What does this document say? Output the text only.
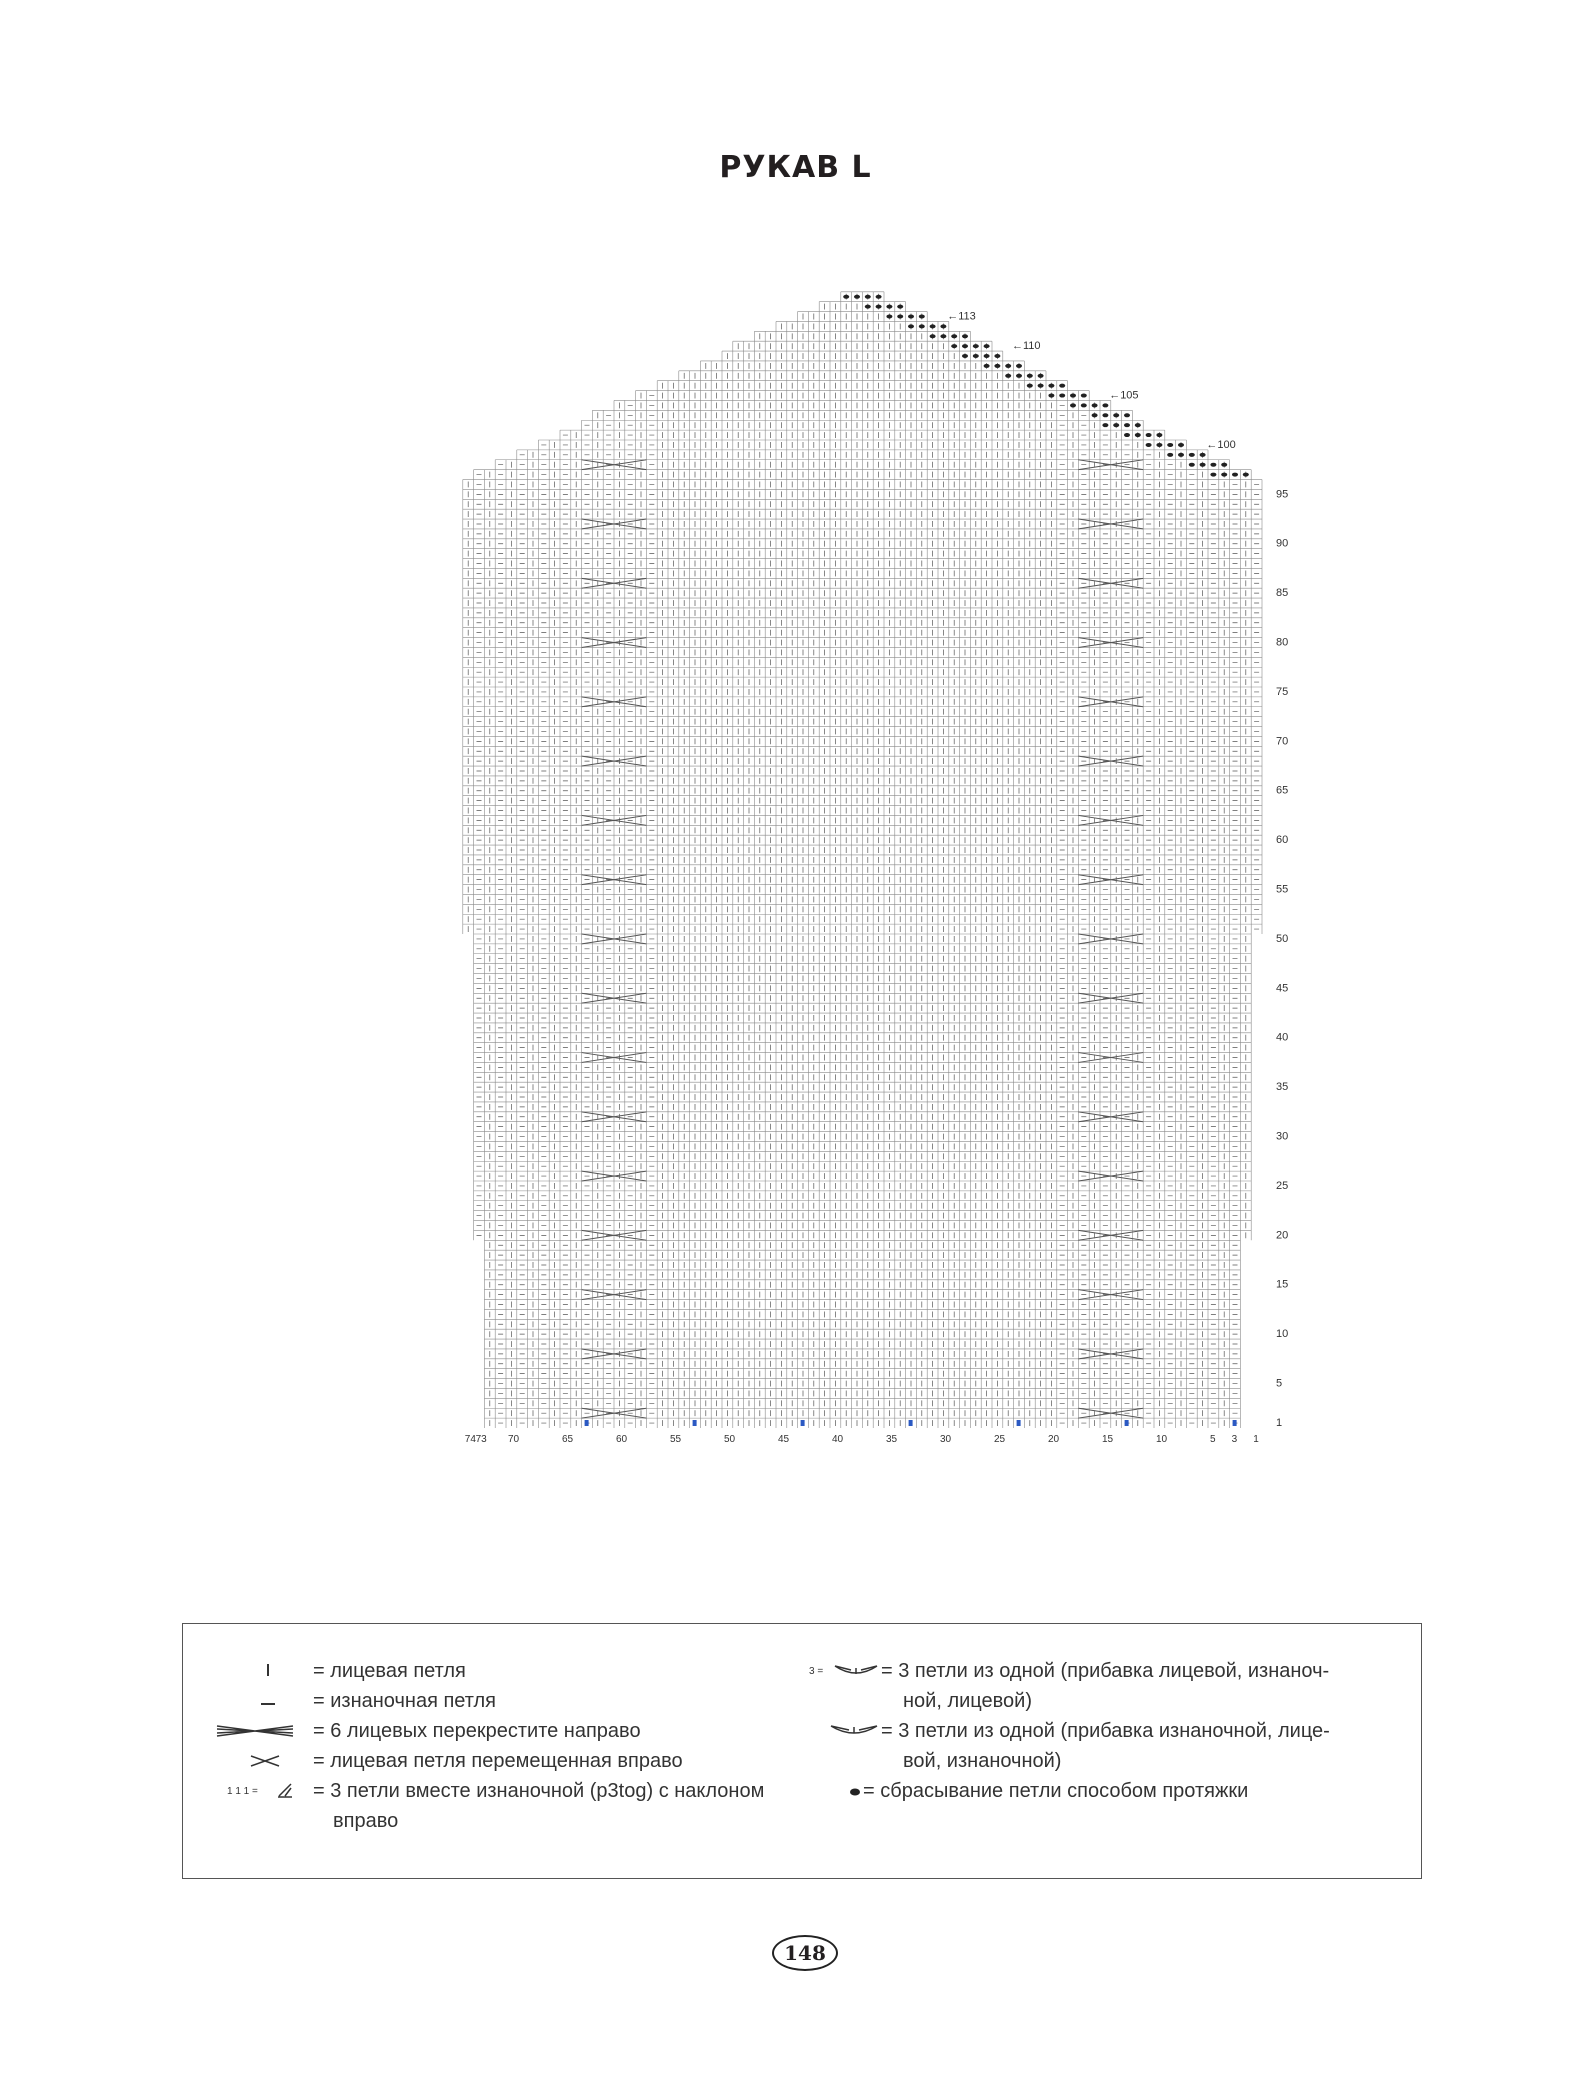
РУКАВ L
95
90
85
80
75
70
65
60
55
50
45
40
35
30
25
20
15
10
5
1
←113
←110
←105
←100
74 73 70	65	60	55	50	45	40	35	30	25	20	15	10	5 3 1
= лицевая петля
= изнаночная петля
= 6 лицевых перекрестите направо
= лицевая петля перемещенная вправо
1 1 1 =	= 3 петли вместе изнаночной (p3tog) с наклоном
вправо
3 =	= 3 петли из одной (прибавка лицевой, изнаноч-
ной, лицевой)
= 3 петли из одной (прибавка изнаночной, лице-
вой, изнаночной)
= сбрасывание петли способом протяжки
148
